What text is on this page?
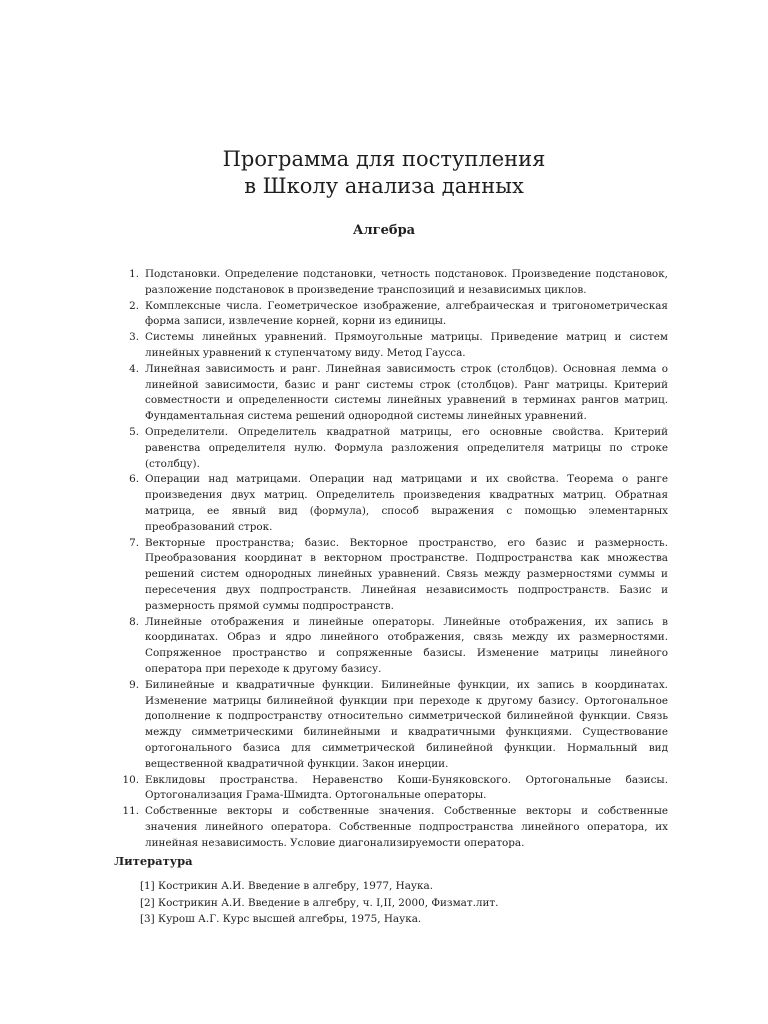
Программа для поступления
в Школу анализа данных
Алгебра
1. Подстановки. Определение подстановки, четность подстановок. Произведение подстановок, разложение подстановок в произведение транспозиций и независимых циклов.
2. Комплексные числа. Геометрическое изображение, алгебраическая и тригонометрическая форма записи, извлечение корней, корни из единицы.
3. Системы линейных уравнений. Прямоугольные матрицы. Приведение матриц и систем линейных уравнений к ступенчатому виду. Метод Гаусса.
4. Линейная зависимость и ранг. Линейная зависимость строк (столбцов). Основная лемма о линейной зависимости, базис и ранг системы строк (столбцов). Ранг матрицы. Критерий совместности и определенности системы линейных уравнений в терминах рангов матриц. Фундаментальная система решений однородной системы линейных уравнений.
5. Определители. Определитель квадратной матрицы, его основные свойства. Критерий равенства определителя нулю. Формула разложения определителя матрицы по строке (столбцу).
6. Операции над матрицами. Операции над матрицами и их свойства. Теорема о ранге произведения двух матриц. Определитель произведения квадратных матриц. Обратная матрица, ее явный вид (формула), способ выражения с помощью элементарных преобразований строк.
7. Векторные пространства; базис. Векторное пространство, его базис и размерность. Преобразования координат в векторном пространстве. Подпространства как множества решений систем однородных линейных уравнений. Связь между размерностями суммы и пересечения двух подпространств. Линейная независимость подпространств. Базис и размерность прямой суммы подпространств.
8. Линейные отображения и линейные операторы. Линейные отображения, их запись в координатах. Образ и ядро линейного отображения, связь между их размерностями. Сопряженное пространство и сопряженные базисы. Изменение матрицы линейного оператора при переходе к другому базису.
9. Билинейные и квадратичные функции. Билинейные функции, их запись в координатах. Изменение матрицы билинейной функции при переходе к другому базису. Ортогональное дополнение к подпространству относительно симметрической билинейной функции. Связь между симметрическими билинейными и квадратичными функциями. Существование ортогонального базиса для симметрической билинейной функции. Нормальный вид вещественной квадратичной функции. Закон инерции.
10. Евклидовы пространства. Неравенство Коши-Буняковского. Ортогональные базисы. Ортогонализация Грама-Шмидта. Ортогональные операторы.
11. Собственные векторы и собственные значения. Собственные векторы и собственные значения линейного оператора. Собственные подпространства линейного оператора, их линейная независимость. Условие диагонализируемости оператора.
Литература
[1] Кострикин А.И. Введение в алгебру, 1977, Наука.
[2] Кострикин А.И. Введение в алгебру, ч. I,II, 2000, Физмат.лит.
[3] Курош А.Г. Курс высшей алгебры, 1975, Наука.
